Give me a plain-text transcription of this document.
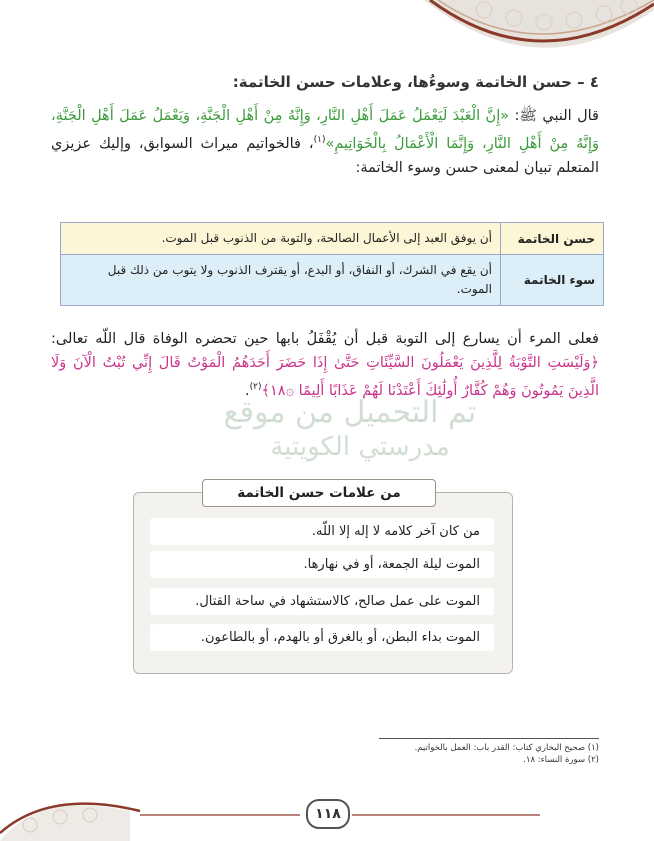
٤ – حسن الخاتمة وسوءُها، وعلامات حسن الخاتمة:
قال النبي ﷺ: «إِنَّ الْعَبْدَ لَيَعْمَلُ عَمَلَ أَهْلِ النَّارِ، وَإِنَّهُ مِنْ أَهْلِ الْجَنَّةِ، وَيَعْمَلُ عَمَلَ أَهْلِ الْجَنَّةِ، وَإِنَّهُ مِنْ أَهْلِ النَّارِ، وَإِنَّمَا الْأَعْمَالُ بِالْخَوَاتِيمِ»$^{(١)}$، فالخواتيم ميراث السوابق، وإليك عزيزي المتعلم تبيان لمعنى حسن وسوء الخاتمة:
حسن الخاتمة	أن يوفق العبد إلى الأعمال الصالحة، والتوبة من الذنوب قبل الموت.
سوء الخاتمة	أن يقع في الشرك، أو النفاق، أو البدع، أو يقترف الذنوب ولا يتوب من ذلك قبل الموت.
فعلى المرء أن يسارع إلى التوبة قبل أن يُقْفَلُ بابها حين تحضره الوفاة قال اللّه تعالى: ﴿وَلَيْسَتِ التَّوْبَةُ لِلَّذِينَ يَعْمَلُونَ السَّيِّئَاتِ حَتَّىٰ إِذَا حَضَرَ أَحَدَهُمُ الْمَوْتُ قَالَ إِنِّي تُبْتُ الْآنَ وَلَا الَّذِينَ يَمُوتُونَ وَهُمْ كُفَّارٌ أُولَٰئِكَ أَعْتَدْنَا لَهُمْ عَذَابًا أَلِيمًا ۞١٨﴾$^{(٢)}$.
تم التحميل من موقع
مدرستي الكويتية
من علامات حسن الخاتمة
من كان آخر كلامه لا إله إلا اللّه.
الموت ليلة الجمعة، أو في نهارها.
الموت على عمل صالح، كالاستشهاد في ساحة القتال.
الموت بداء البطن، أو بالغرق أو بالهدم، أو بالطاعون.
(١) صحيح البخاري كتاب: القدر باب: العمل بالخواتيم.
(٢) سورة النساء: ١٨.
١١٨
